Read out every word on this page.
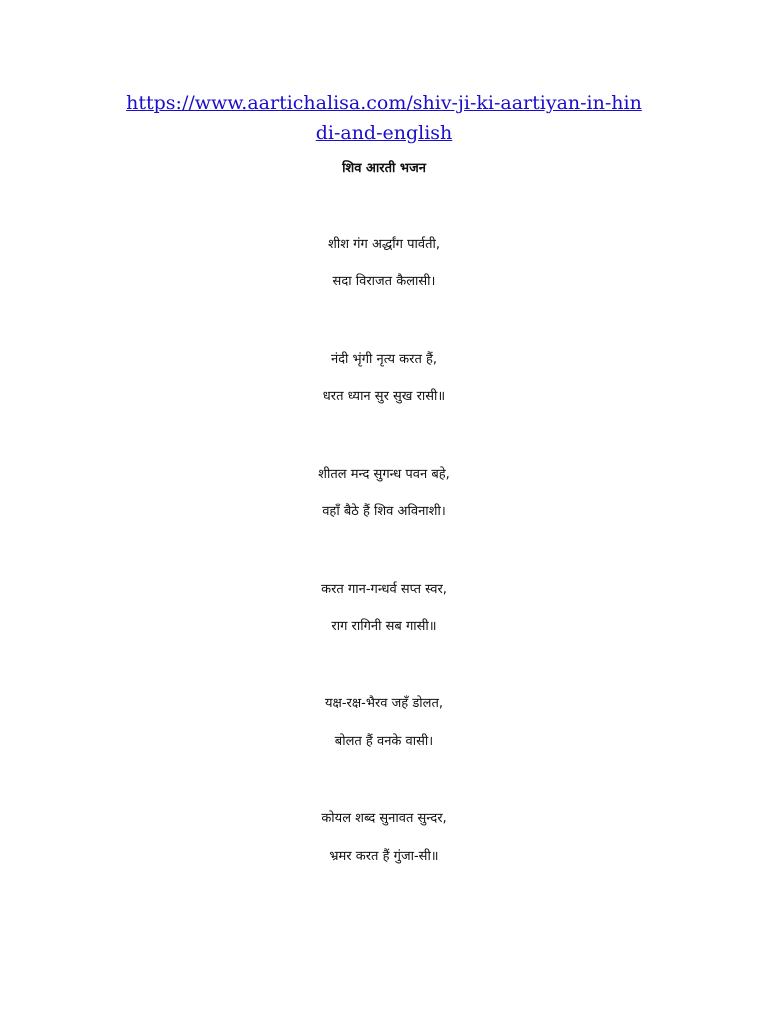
https://www.aartichalisa.com/shiv-ji-ki-aartiyan-in-hin
di-and-english
शिव आरती भजन
शीश गंग अर्द्धांग पार्वती,
सदा विराजत कैलासी।
नंदी भृंगी नृत्य करत हैं,
धरत ध्यान सुर सुख रासी॥
शीतल मन्द सुगन्ध पवन बहे,
वहाँ बैठे हैं शिव अविनाशी।
करत गान-गन्धर्व सप्त स्वर,
राग रागिनी सब गासी॥
यक्ष-रक्ष-भैरव जहँ डोलत,
बोलत हैं वनके वासी।
कोयल शब्द सुनावत सुन्दर,
भ्रमर करत हैं गुंजा-सी॥
